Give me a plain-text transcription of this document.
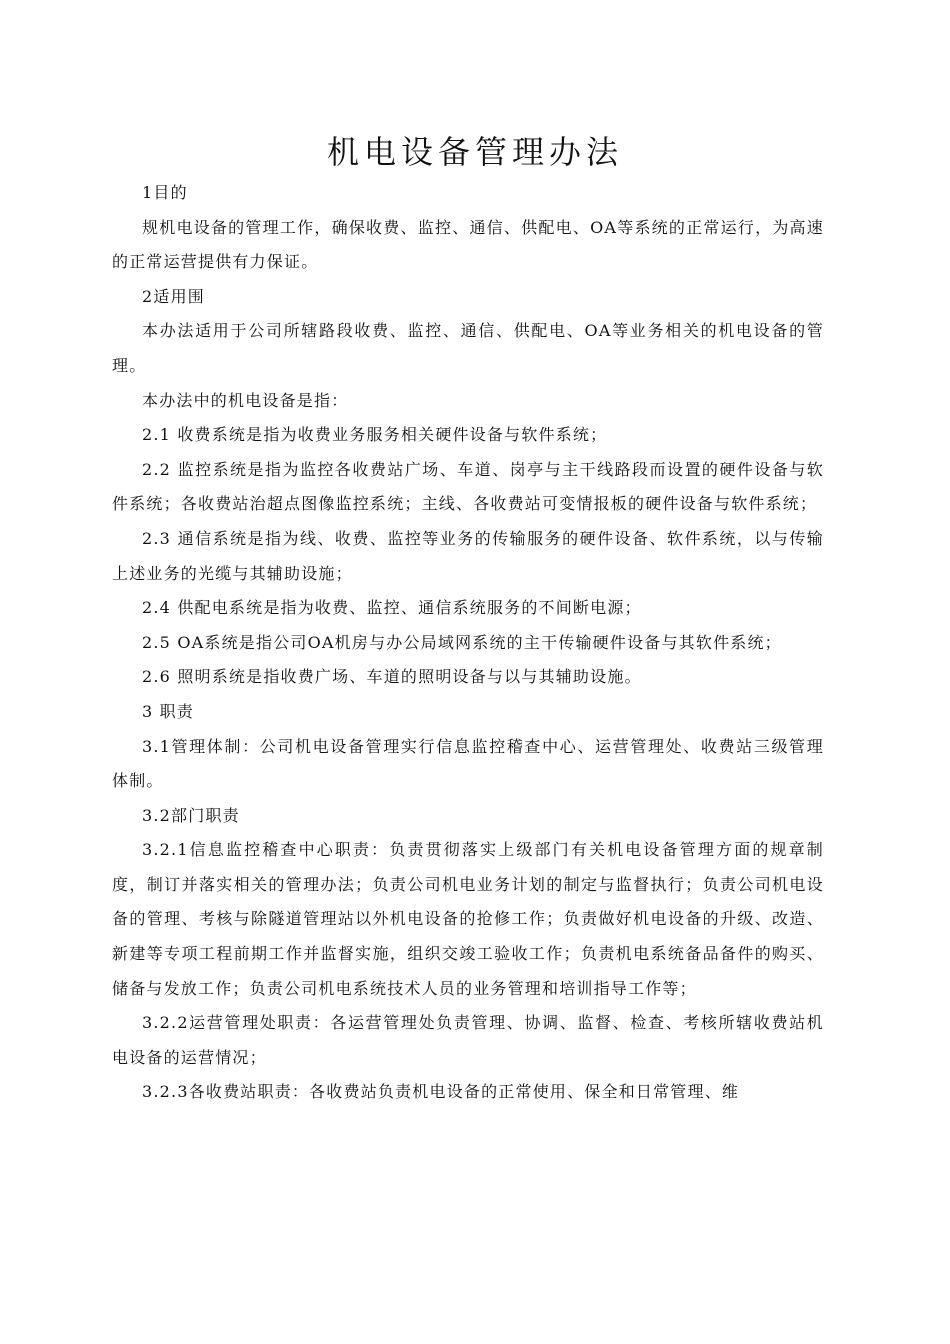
机电设备管理办法

1目的

规机电设备的管理工作，确保收费、监控、通信、供配电、OA等系统的正常运行，为高速的正常运营提供有力保证。

2适用围

本办法适用于公司所辖路段收费、监控、通信、供配电、OA等业务相关的机电设备的管理。

本办法中的机电设备是指：

2.1 收费系统是指为收费业务服务相关硬件设备与软件系统；

2.2 监控系统是指为监控各收费站广场、车道、岗亭与主干线路段而设置的硬件设备与软件系统；各收费站治超点图像监控系统；主线、各收费站可变情报板的硬件设备与软件系统；

2.3 通信系统是指为线、收费、监控等业务的传输服务的硬件设备、软件系统，以与传输上述业务的光缆与其辅助设施；

2.4 供配电系统是指为收费、监控、通信系统服务的不间断电源；

2.5 OA系统是指公司OA机房与办公局域网系统的主干传输硬件设备与其软件系统；

2.6 照明系统是指收费广场、车道的照明设备与以与其辅助设施。

3 职责

3.1管理体制：公司机电设备管理实行信息监控稽查中心、运营管理处、收费站三级管理体制。

3.2部门职责

3.2.1信息监控稽查中心职责：负责贯彻落实上级部门有关机电设备管理方面的规章制度，制订并落实相关的管理办法；负责公司机电业务计划的制定与监督执行；负责公司机电设备的管理、考核与除隧道管理站以外机电设备的抢修工作；负责做好机电设备的升级、改造、新建等专项工程前期工作并监督实施，组织交竣工验收工作；负责机电系统备品备件的购买、储备与发放工作；负责公司机电系统技术人员的业务管理和培训指导工作等；

3.2.2运营管理处职责：各运营管理处负责管理、协调、监督、检查、考核所辖收费站机电设备的运营情况；

3.2.3各收费站职责：各收费站负责机电设备的正常使用、保全和日常管理、维
